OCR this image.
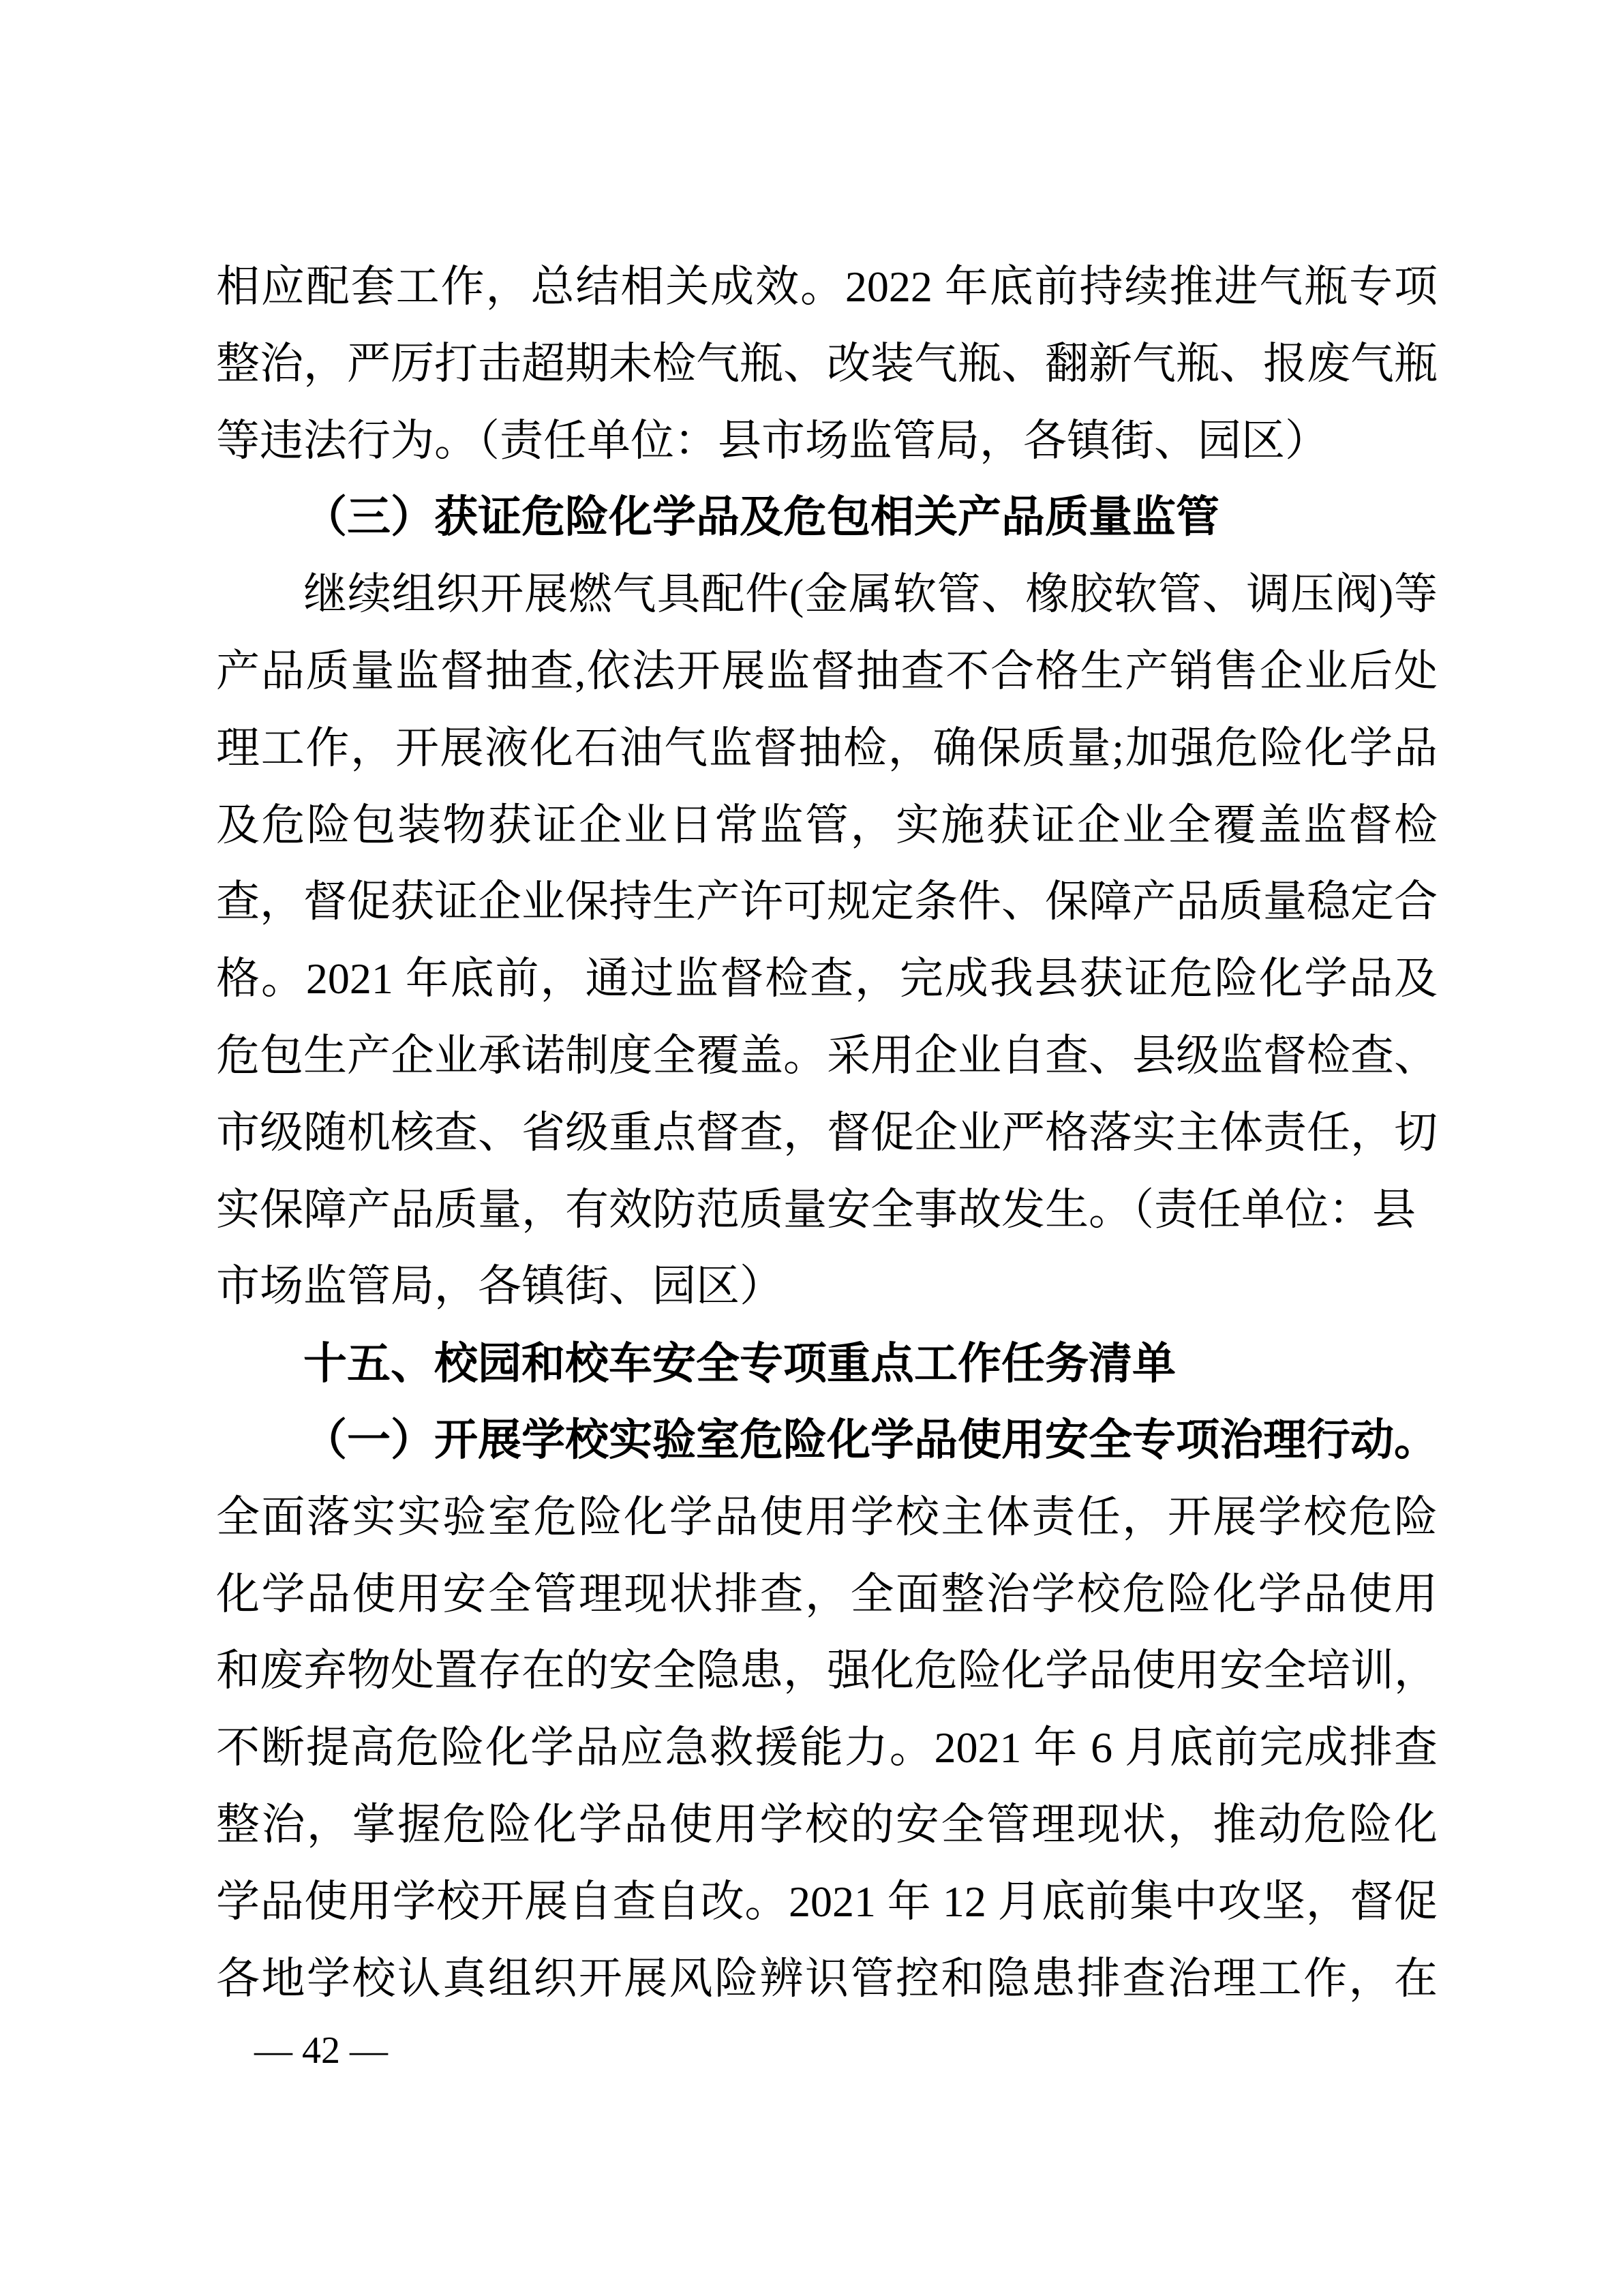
相应配套工作，总结相关成效。2022 年底前持续推进气瓶专项
整治，严厉打击超期未检气瓶、改装气瓶、翻新气瓶、报废气瓶
等违法行为。（责任单位：县市场监管局，各镇街、园区）
（三）获证危险化学品及危包相关产品质量监管
继续组织开展燃气具配件(金属软管、橡胶软管、调压阀)等
产品质量监督抽查,依法开展监督抽查不合格生产销售企业后处
理工作，开展液化石油气监督抽检，确保质量;加强危险化学品
及危险包装物获证企业日常监管，实施获证企业全覆盖监督检
查，督促获证企业保持生产许可规定条件、保障产品质量稳定合
格。2021 年底前，通过监督检查，完成我县获证危险化学品及
危包生产企业承诺制度全覆盖。采用企业自查、县级监督检查、
市级随机核查、省级重点督查，督促企业严格落实主体责任，切
实保障产品质量，有效防范质量安全事故发生。（责任单位：县
市场监管局，各镇街、园区）
十五、校园和校车安全专项重点工作任务清单
（一）开展学校实验室危险化学品使用安全专项治理行动。
全面落实实验室危险化学品使用学校主体责任，开展学校危险
化学品使用安全管理现状排查，全面整治学校危险化学品使用
和废弃物处置存在的安全隐患，强化危险化学品使用安全培训，
不断提高危险化学品应急救援能力。2021 年 6 月底前完成排查
整治，掌握危险化学品使用学校的安全管理现状，推动危险化
学品使用学校开展自查自改。2021 年 12 月底前集中攻坚，督促
各地学校认真组织开展风险辨识管控和隐患排查治理工作，在
— 42 —
